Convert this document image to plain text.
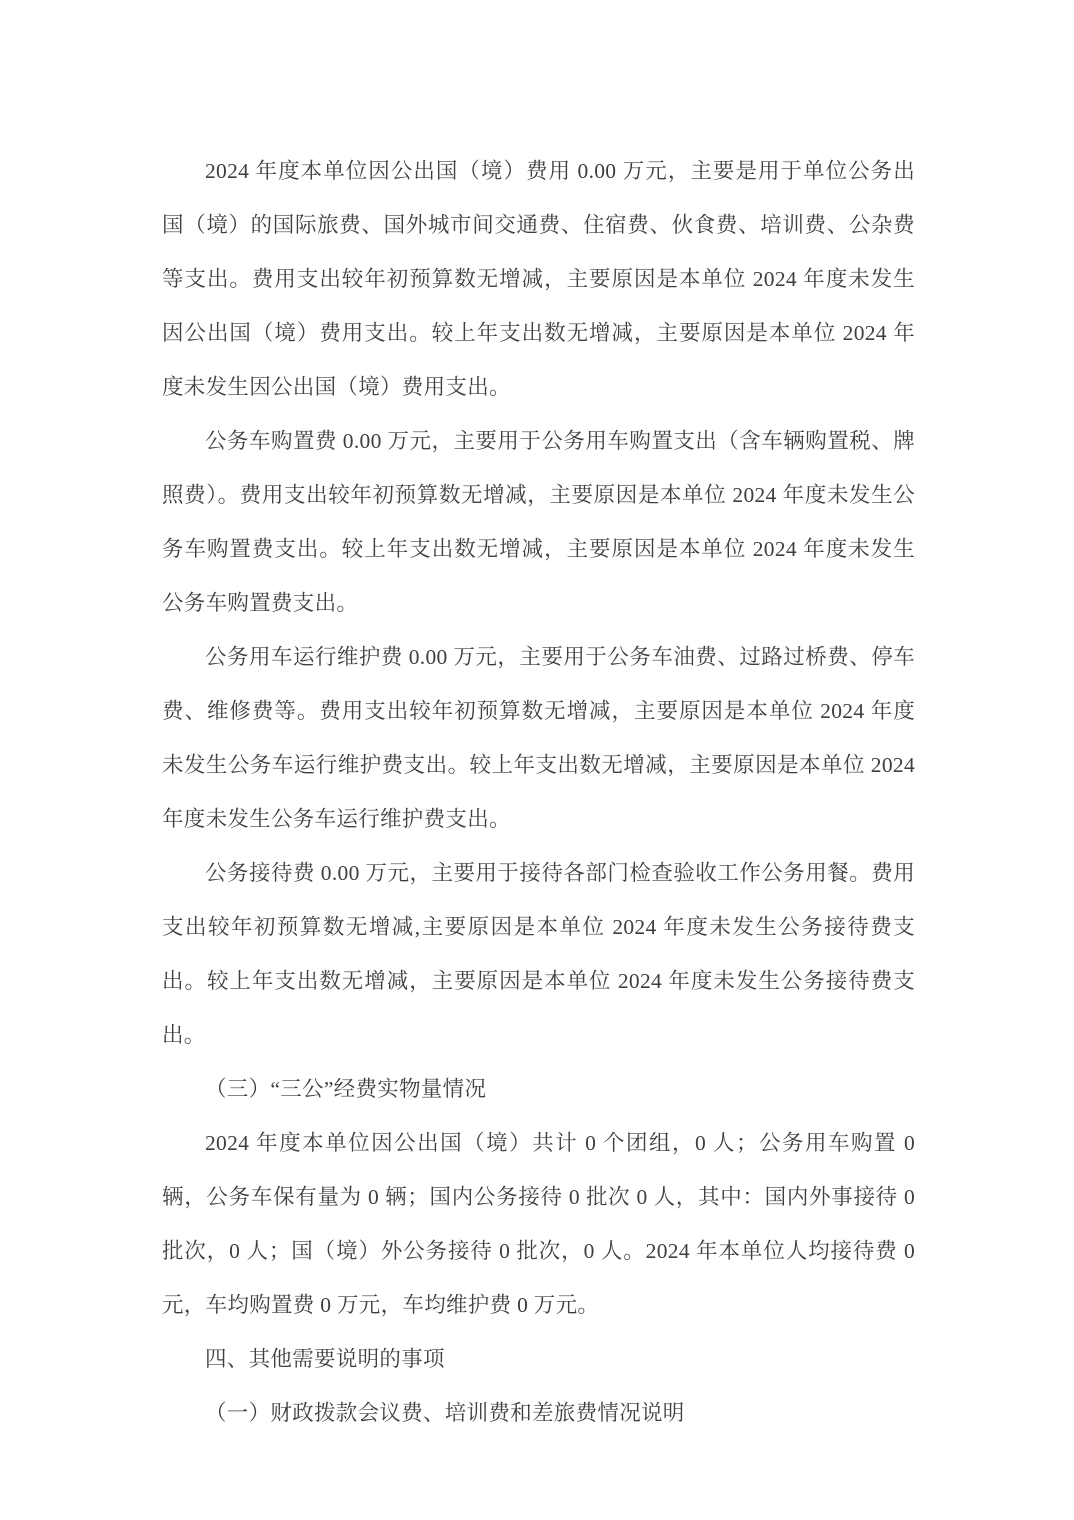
2024 年度本单位因公出国（境）费用 0.00 万元，主要是用于单位公务出国（境）的国际旅费、国外城市间交通费、住宿费、伙食费、培训费、公杂费等支出。费用支出较年初预算数无增减，主要原因是本单位 2024 年度未发生因公出国（境）费用支出。较上年支出数无增减，主要原因是本单位 2024 年度未发生因公出国（境）费用支出。

公务车购置费 0.00 万元，主要用于公务用车购置支出（含车辆购置税、牌照费）。费用支出较年初预算数无增减，主要原因是本单位 2024 年度未发生公务车购置费支出。较上年支出数无增减，主要原因是本单位 2024 年度未发生公务车购置费支出。

公务用车运行维护费 0.00 万元，主要用于公务车油费、过路过桥费、停车费、维修费等。费用支出较年初预算数无增减，主要原因是本单位 2024 年度未发生公务车运行维护费支出。较上年支出数无增减，主要原因是本单位 2024 年度未发生公务车运行维护费支出。

公务接待费 0.00 万元，主要用于接待各部门检查验收工作公务用餐。费用支出较年初预算数无增减,主要原因是本单位 2024 年度未发生公务接待费支出。较上年支出数无增减，主要原因是本单位 2024 年度未发生公务接待费支出。

（三）“三公”经费实物量情况

2024 年度本单位因公出国（境）共计 0 个团组，0 人；公务用车购置 0 辆，公务车保有量为 0 辆；国内公务接待 0 批次 0 人，其中：国内外事接待 0 批次，0 人；国（境）外公务接待 0 批次，0 人。2024 年本单位人均接待费 0 元，车均购置费 0 万元，车均维护费 0 万元。

四、其他需要说明的事项
（一）财政拨款会议费、培训费和差旅费情况说明
